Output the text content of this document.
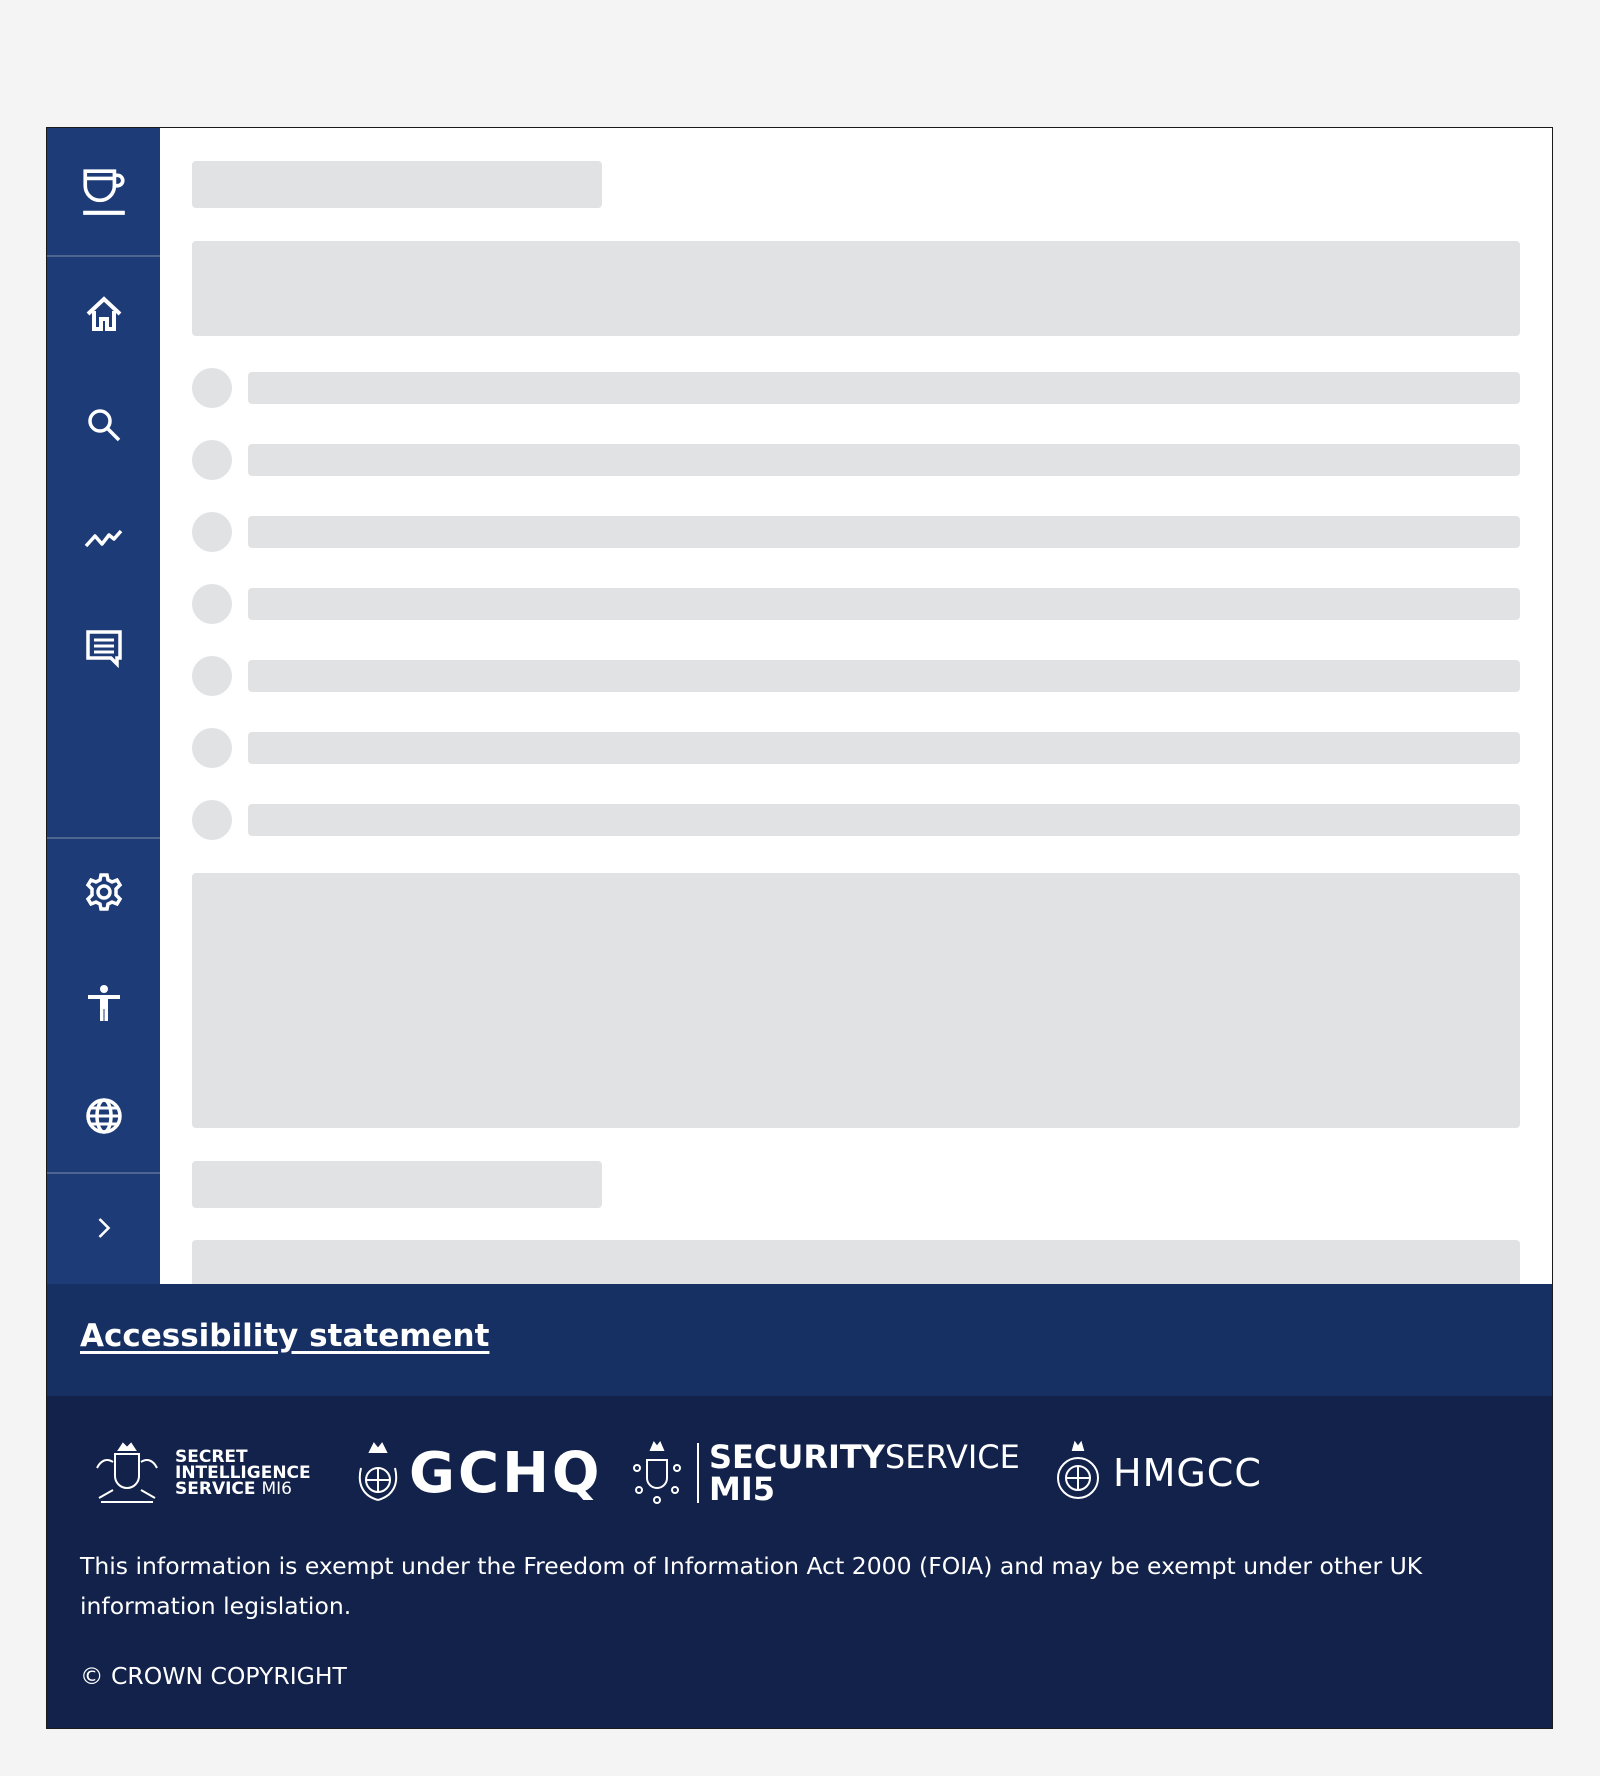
Accessibility statement
SECRET
INTELLIGENCE
SERVICE MI6	GCHQ	SECURITYSERVICE
MI5	HMGCC

This information is exempt under the Freedom of Information Act 2000 (FOIA) and may be exempt under other UK information legislation.

© CROWN COPYRIGHT
